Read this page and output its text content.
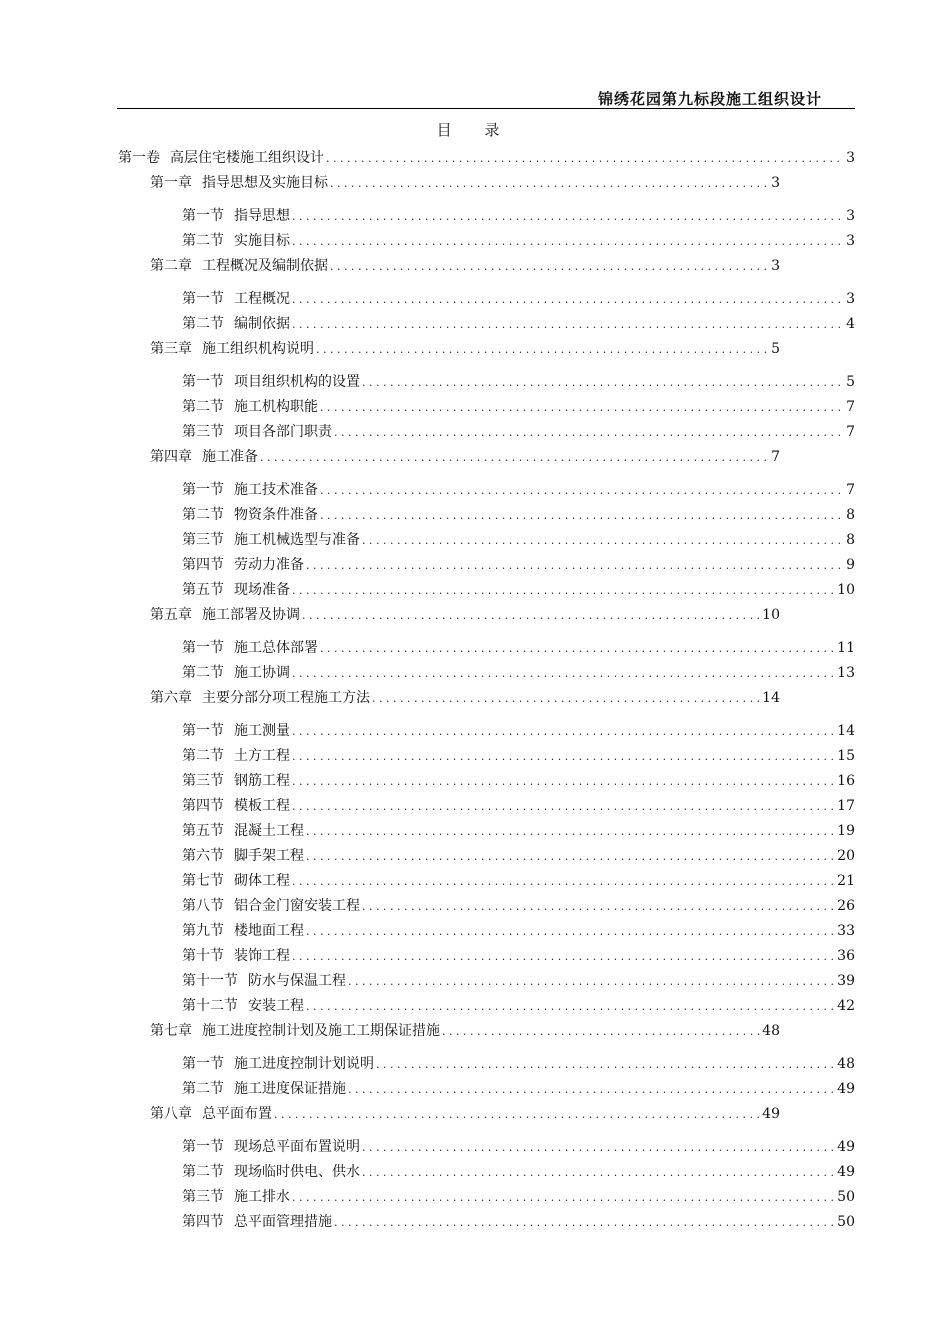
锦绣花园第九标段施工组织设计
目 录
第一卷 高层住宅楼施工组织设计 . . .	3
第一章 指导思想及实施目标 . . .	3
第一节 指导思想 . . .	3
第二节 实施目标 . . .	3
第二章 工程概况及编制依据 . . .	3
第一节 工程概况 . . .	3
第二节 编制依据 . . .	4
第三章 施工组织机构说明 . . .	5
第一节 项目组织机构的设置 . . .	5
第二节 施工机构职能 . . .	7
第三节 项目各部门职责 . . .	7
第四章 施工准备 . . .	7
第一节 施工技术准备 . . .	7
第二节 物资条件准备 . . .	8
第三节 施工机械选型与准备 . . .	8
第四节 劳动力准备 . . .	9
第五节 现场准备 . . .	10
第五章 施工部署及协调 . . .	10
第一节 施工总体部署 . . .	11
第二节 施工协调 . . .	13
第六章 主要分部分项工程施工方法 . . .	14
第一节 施工测量 . . .	14
第二节 土方工程 . . .	15
第三节 钢筋工程 . . .	16
第四节 模板工程 . . .	17
第五节 混凝土工程 . . .	19
第六节 脚手架工程 . . .	20
第七节 砌体工程 . . .	21
第八节 铝合金门窗安装工程 . . .	26
第九节 楼地面工程 . . .	33
第十节 装饰工程 . . .	36
第十一节 防水与保温工程 . . .	39
第十二节 安装工程 . . .	42
第七章 施工进度控制计划及施工工期保证措施 . . .	48
第一节 施工进度控制计划说明 . . .	48
第二节 施工进度保证措施 . . .	49
第八章 总平面布置 . . .	49
第一节 现场总平面布置说明 . . .	49
第二节 现场临时供电、供水 . . .	49
第三节 施工排水 . . .	50
第四节 总平面管理措施 . . .	50
